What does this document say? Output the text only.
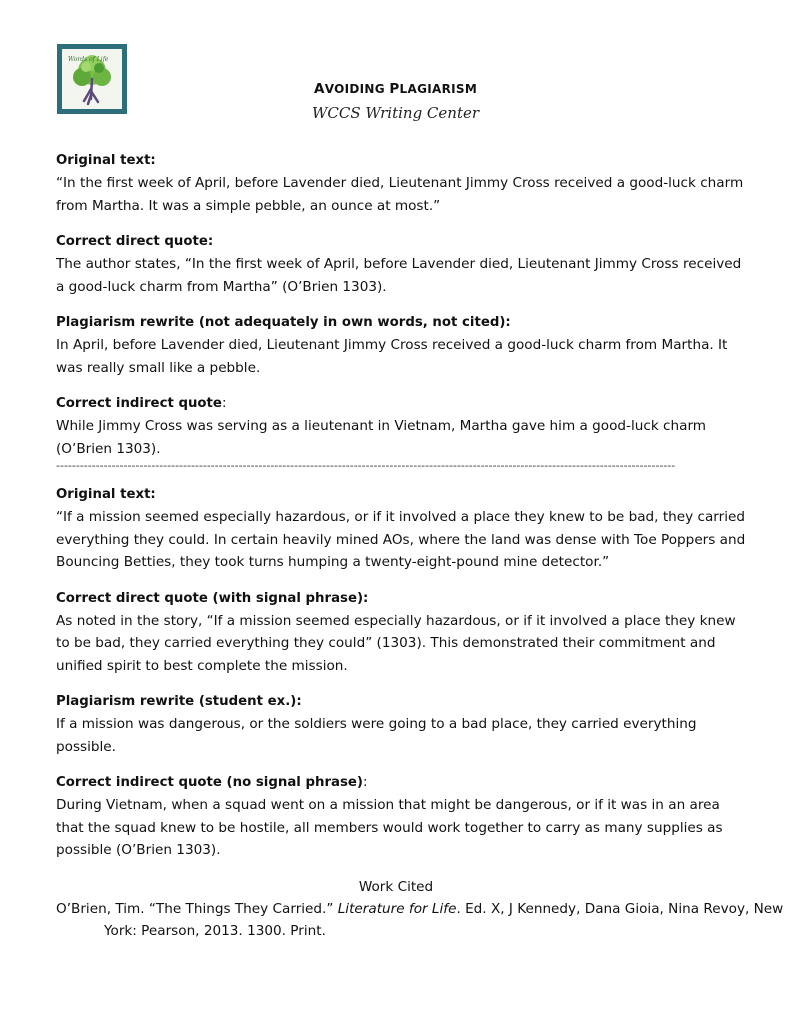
Words of Life
AVOIDING PLAGIARISM
WCCS Writing Center
Original text:

“In the first week of April, before Lavender died, Lieutenant Jimmy Cross received a good-luck charm from Martha. It was a simple pebble, an ounce at most.”

Correct direct quote:

The author states, “In the first week of April, before Lavender died, Lieutenant Jimmy Cross received a good-luck charm from Martha” (O’Brien 1303).

Plagiarism rewrite (not adequately in own words, not cited):

In April, before Lavender died, Lieutenant Jimmy Cross received a good-luck charm from Martha. It was really small like a pebble.

Correct indirect quote:

While Jimmy Cross was serving as a lieutenant in Vietnam, Martha gave him a good-luck charm (O’Brien 1303).

------------------------------------------------------------------------------------------------------------------------------------------------------------
Original text:

“If a mission seemed especially hazardous, or if it involved a place they knew to be bad, they carried everything they could. In certain heavily mined AOs, where the land was dense with Toe Poppers and Bouncing Betties, they took turns humping a twenty-eight-pound mine detector.”

Correct direct quote (with signal phrase):

As noted in the story, “If a mission seemed especially hazardous, or if it involved a place they knew to be bad, they carried everything they could” (1303). This demonstrated their commitment and unified spirit to best complete the mission.

Plagiarism rewrite (student ex.):

If a mission was dangerous, or the soldiers were going to a bad place, they carried everything possible.

Correct indirect quote (no signal phrase):

During Vietnam, when a squad went on a mission that might be dangerous, or if it was in an area that the squad knew to be hostile, all members would work together to carry as many supplies as possible (O’Brien 1303).

Work Cited
O’Brien, Tim. “The Things They Carried.” Literature for Life. Ed. X, J Kennedy, Dana Gioia, Nina Revoy, New York: Pearson, 2013. 1300. Print.
